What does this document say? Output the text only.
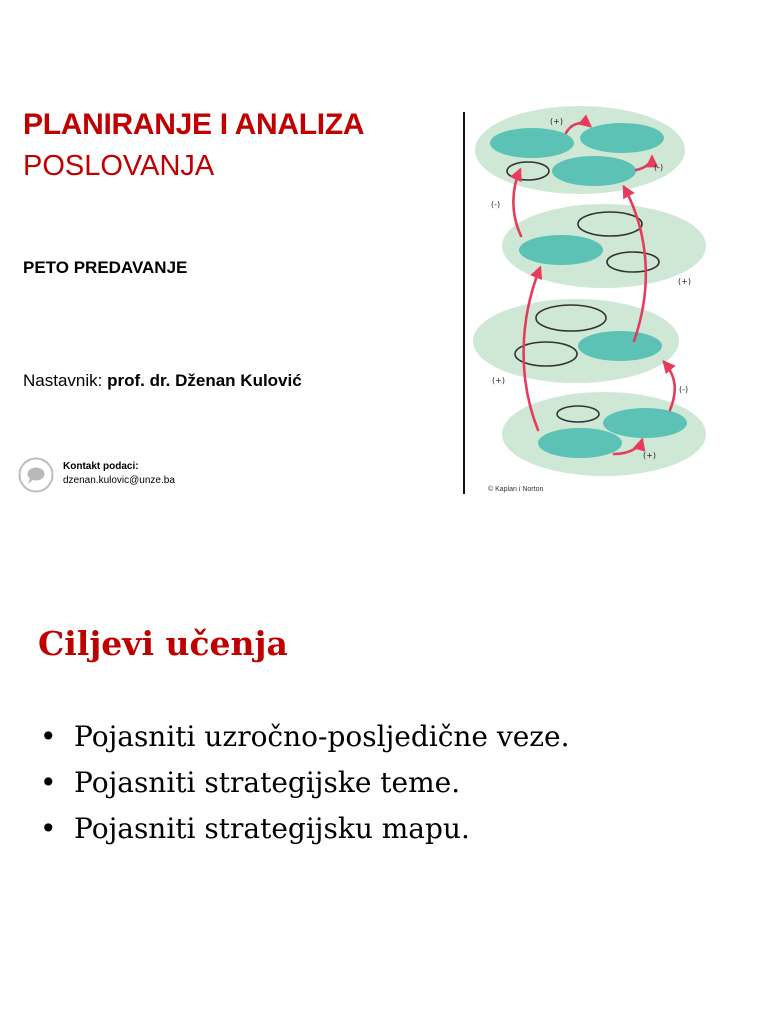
PLANIRANJE I ANALIZA
POSLOVANJA
PETO PREDAVANJE
Nastavnik: prof. dr. Dženan Kulović
Kontakt podaci:
dzenan.kulovic@unze.ba
(+)
(-)
(-)
(+)
(+)
(-)
(+)
© Kaplan i Norton
Ciljevi učenja
• Pojasniti uzročno-posljedične veze.
• Pojasniti strategijske teme.
• Pojasniti strategijsku mapu.
